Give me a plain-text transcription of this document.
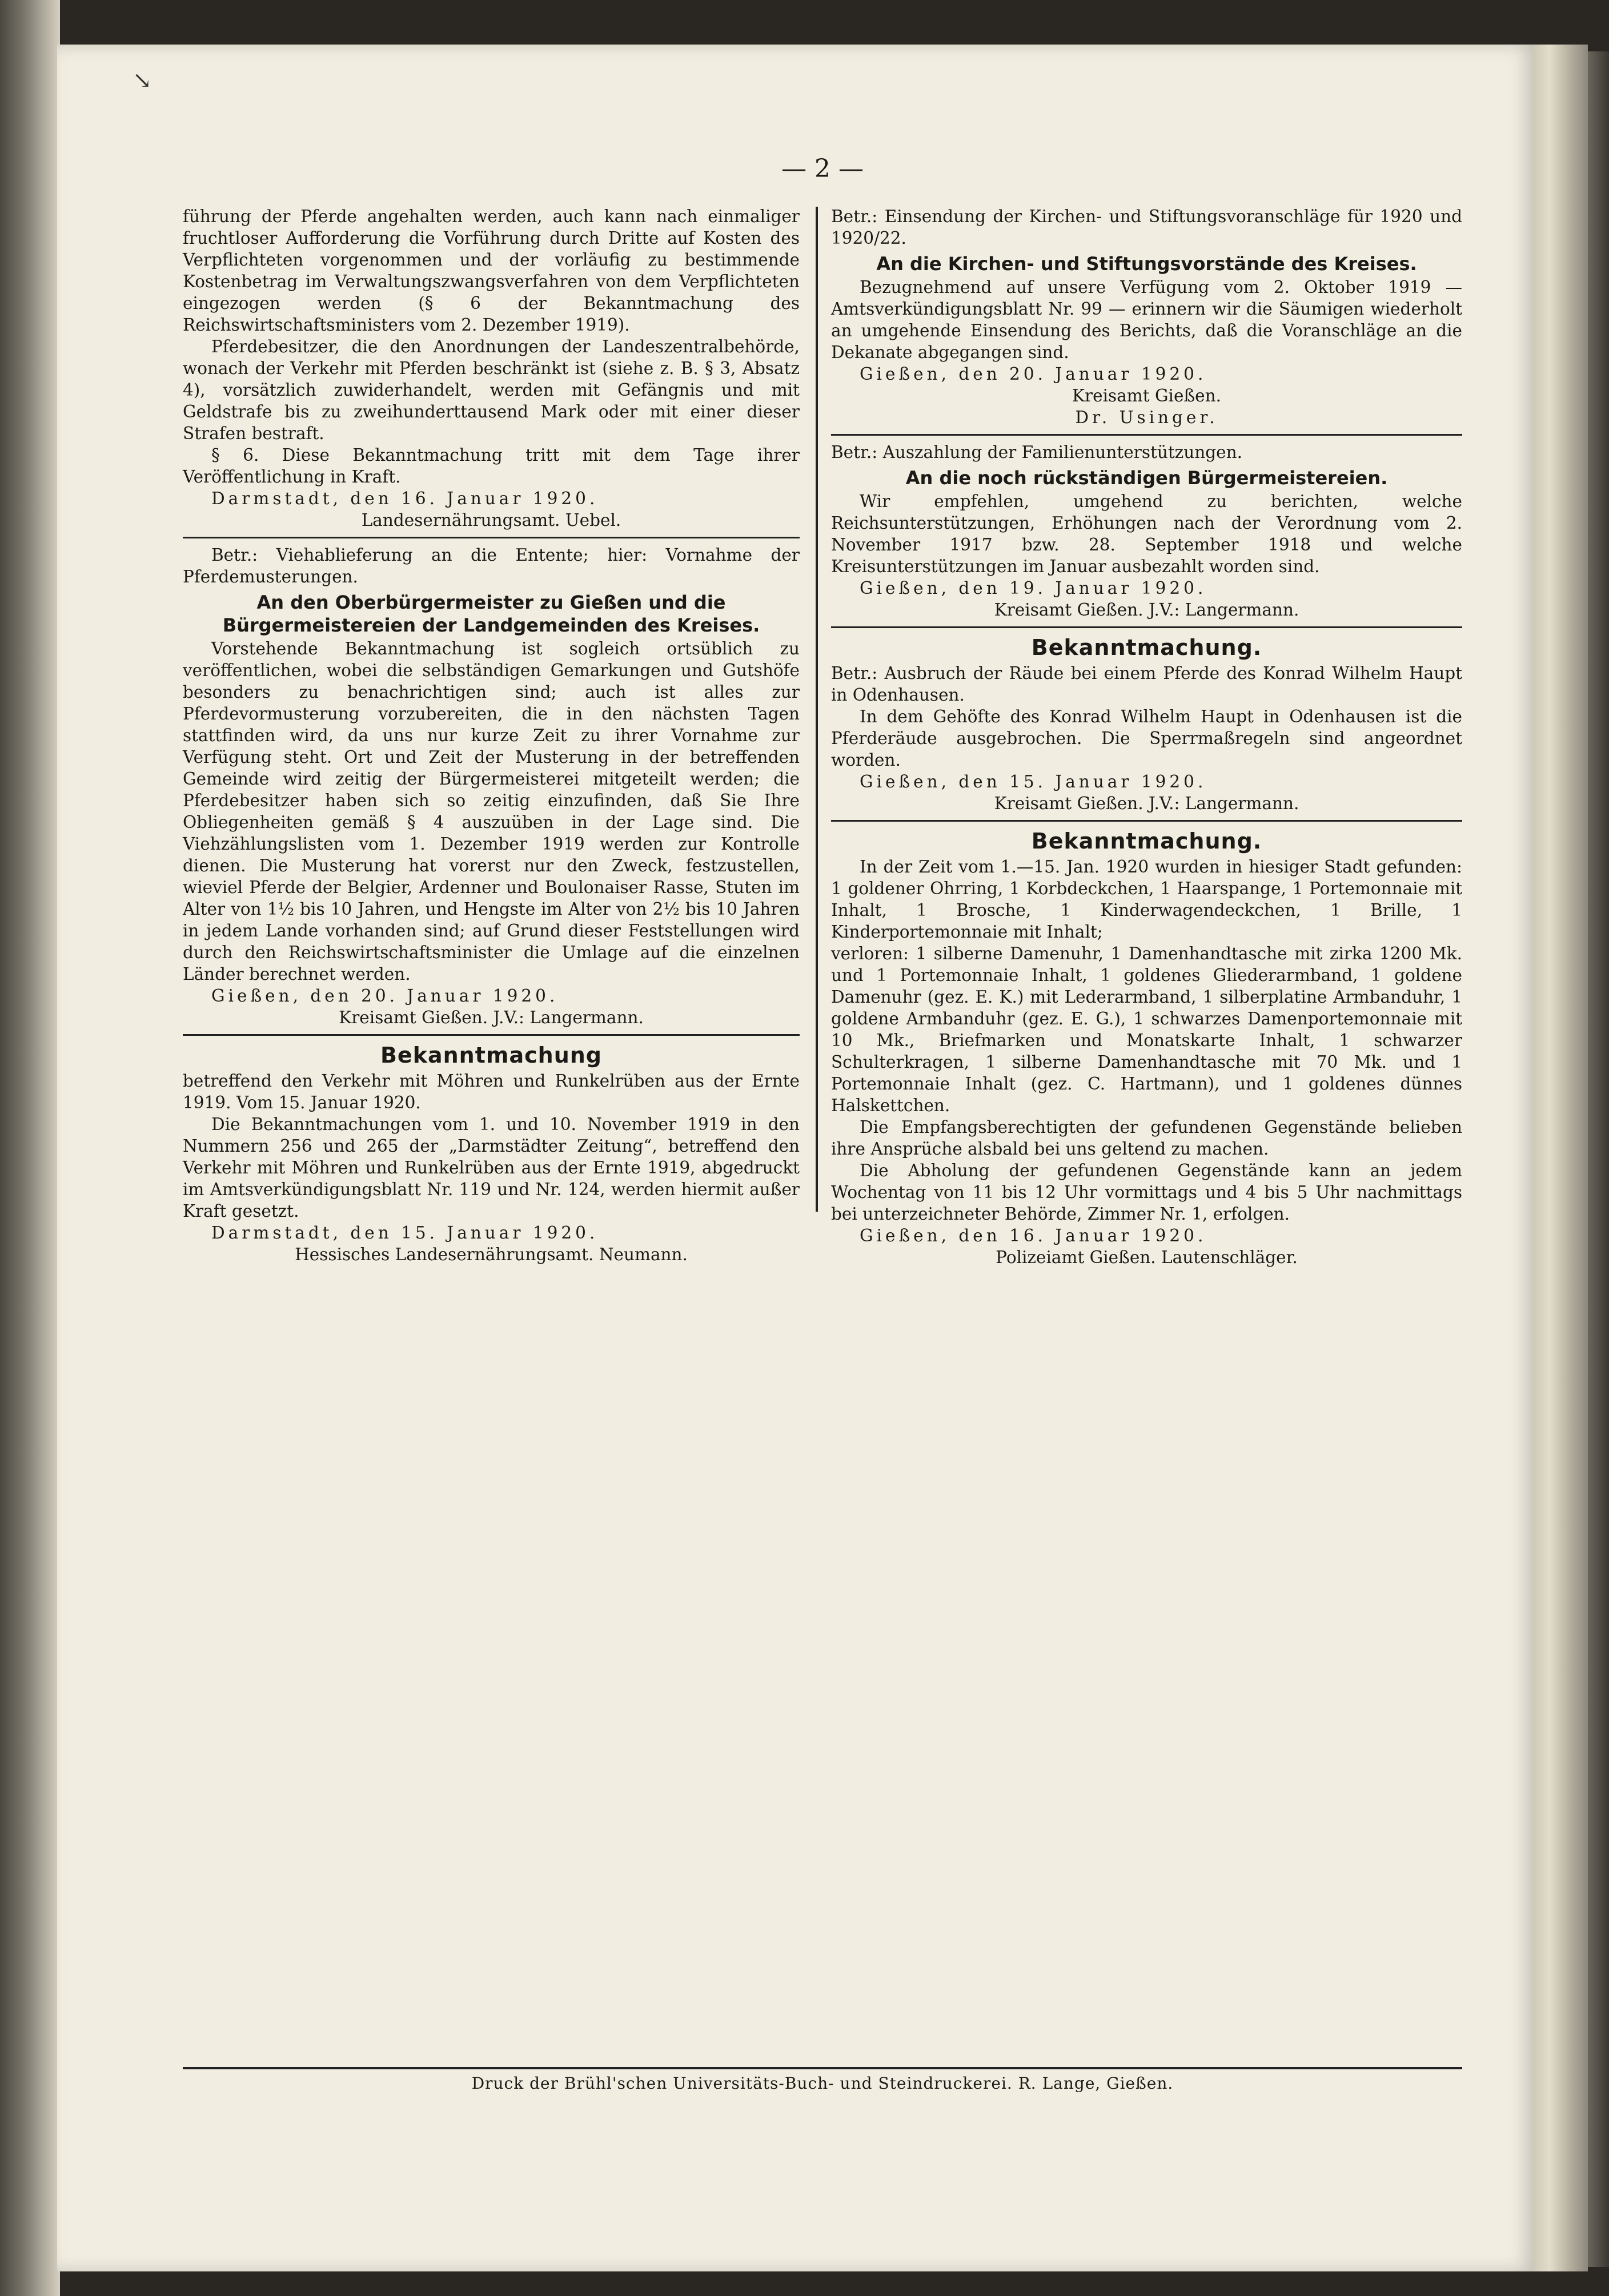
↘
— 2 —

führung der Pferde angehalten werden, auch kann nach einmaliger fruchtloser Aufforderung die Vorführung durch Dritte auf Kosten des Verpflichteten vorgenommen und der vorläufig zu bestimmende Kostenbetrag im Verwaltungszwangsverfahren von dem Verpflichteten eingezogen werden (§ 6 der Bekanntmachung des Reichswirtschaftsministers vom 2. Dezember 1919).

Pferdebesitzer, die den Anordnungen der Landeszentralbehörde, wonach der Verkehr mit Pferden beschränkt ist (siehe z. B. § 3, Absatz 4), vorsätzlich zuwiderhandelt, werden mit Gefängnis und mit Geldstrafe bis zu zweihunderttausend Mark oder mit einer dieser Strafen bestraft.

§ 6. Diese Bekanntmachung tritt mit dem Tage ihrer Veröffentlichung in Kraft.

Darmstadt, den 16. Januar 1920.

Landesernährungsamt. Uebel.

Betr.: Viehablieferung an die Entente; hier: Vornahme der Pferdemusterungen.

An den Oberbürgermeister zu Gießen und die Bürgermeistereien der Landgemeinden des Kreises.

Vorstehende Bekanntmachung ist sogleich ortsüblich zu veröffentlichen, wobei die selbständigen Gemarkungen und Gutshöfe besonders zu benachrichtigen sind; auch ist alles zur Pferdevormusterung vorzubereiten, die in den nächsten Tagen stattfinden wird, da uns nur kurze Zeit zu ihrer Vornahme zur Verfügung steht. Ort und Zeit der Musterung in der betreffenden Gemeinde wird zeitig der Bürgermeisterei mitgeteilt werden; die Pferdebesitzer haben sich so zeitig einzufinden, daß Sie Ihre Obliegenheiten gemäß § 4 auszuüben in der Lage sind. Die Viehzählungslisten vom 1. Dezember 1919 werden zur Kontrolle dienen. Die Musterung hat vorerst nur den Zweck, festzustellen, wieviel Pferde der Belgier, Ardenner und Boulonaiser Rasse, Stuten im Alter von 1½ bis 10 Jahren, und Hengste im Alter von 2½ bis 10 Jahren in jedem Lande vorhanden sind; auf Grund dieser Feststellungen wird durch den Reichswirtschaftsminister die Umlage auf die einzelnen Länder berechnet werden.

Gießen, den 20. Januar 1920.

Kreisamt Gießen. J.V.: Langermann.

Bekanntmachung

betreffend den Verkehr mit Möhren und Runkelrüben aus der Ernte 1919. Vom 15. Januar 1920.

Die Bekanntmachungen vom 1. und 10. November 1919 in den Nummern 256 und 265 der „Darmstädter Zeitung“, betreffend den Verkehr mit Möhren und Runkelrüben aus der Ernte 1919, abgedruckt im Amtsverkündigungsblatt Nr. 119 und Nr. 124, werden hiermit außer Kraft gesetzt.

Darmstadt, den 15. Januar 1920.

Hessisches Landesernährungsamt. Neumann.

Betr.: Einsendung der Kirchen- und Stiftungsvoranschläge für 1920 und 1920/22.

An die Kirchen- und Stiftungsvorstände des Kreises.

Bezugnehmend auf unsere Verfügung vom 2. Oktober 1919 — Amtsverkündigungsblatt Nr. 99 — erinnern wir die Säumigen wiederholt an umgehende Einsendung des Berichts, daß die Voranschläge an die Dekanate abgegangen sind.

Gießen, den 20. Januar 1920.

Kreisamt Gießen.

Dr. Usinger.

Betr.: Auszahlung der Familienunterstützungen.

An die noch rückständigen Bürgermeistereien.

Wir empfehlen, umgehend zu berichten, welche Reichsunterstützungen, Erhöhungen nach der Verordnung vom 2. November 1917 bzw. 28. September 1918 und welche Kreisunterstützungen im Januar ausbezahlt worden sind.

Gießen, den 19. Januar 1920.

Kreisamt Gießen. J.V.: Langermann.

Bekanntmachung.

Betr.: Ausbruch der Räude bei einem Pferde des Konrad Wilhelm Haupt in Odenhausen.

In dem Gehöfte des Konrad Wilhelm Haupt in Odenhausen ist die Pferderäude ausgebrochen. Die Sperrmaßregeln sind angeordnet worden.

Gießen, den 15. Januar 1920.

Kreisamt Gießen. J.V.: Langermann.

Bekanntmachung.

In der Zeit vom 1.—15. Jan. 1920 wurden in hiesiger Stadt gefunden: 1 goldener Ohrring, 1 Korbdeckchen, 1 Haarspange, 1 Portemonnaie mit Inhalt, 1 Brosche, 1 Kinderwagendeckchen, 1 Brille, 1 Kinderportemonnaie mit Inhalt;

verloren: 1 silberne Damenuhr, 1 Damenhandtasche mit zirka 1200 Mk. und 1 Portemonnaie Inhalt, 1 goldenes Gliederarmband, 1 goldene Damenuhr (gez. E. K.) mit Lederarmband, 1 silberplatine Armbanduhr, 1 goldene Armbanduhr (gez. E. G.), 1 schwarzes Damenportemonnaie mit 10 Mk., Briefmarken und Monatskarte Inhalt, 1 schwarzer Schulterkragen, 1 silberne Damenhandtasche mit 70 Mk. und 1 Portemonnaie Inhalt (gez. C. Hartmann), und 1 goldenes dünnes Halskettchen.

Die Empfangsberechtigten der gefundenen Gegenstände belieben ihre Ansprüche alsbald bei uns geltend zu machen.

Die Abholung der gefundenen Gegenstände kann an jedem Wochentag von 11 bis 12 Uhr vormittags und 4 bis 5 Uhr nachmittags bei unterzeichneter Behörde, Zimmer Nr. 1, erfolgen.

Gießen, den 16. Januar 1920.

Polizeiamt Gießen. Lautenschläger.

Druck der Brühl'schen Universitäts-Buch- und Steindruckerei. R. Lange, Gießen.
